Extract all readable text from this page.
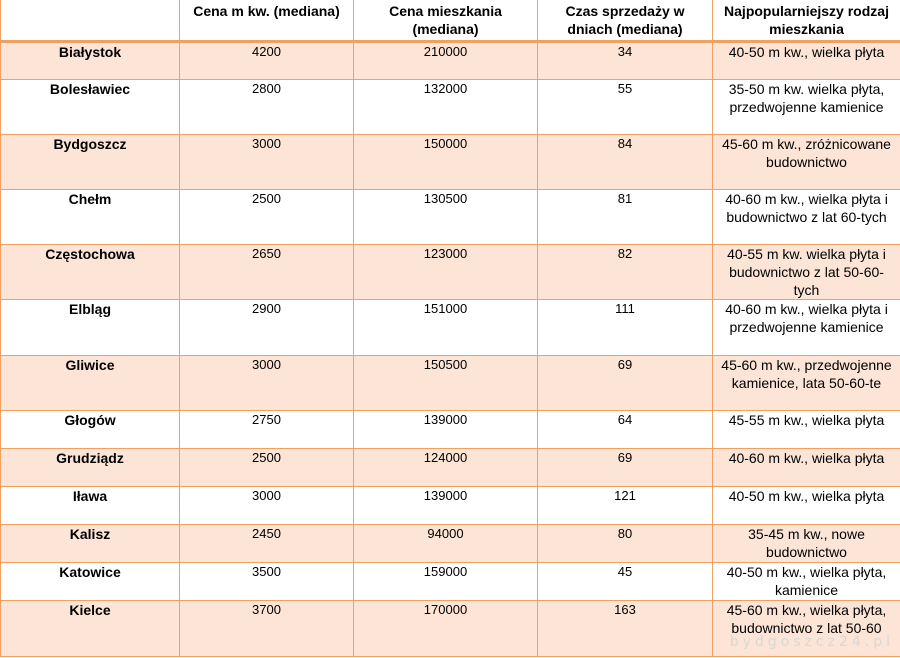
	Cena m kw. (mediana)	Cena mieszkania (mediana)	Czas sprzedaży w dniach (mediana)	Najpopularniejszy rodzaj mieszkania
Białystok	4200	210000	34	40-50 m kw., wielka płyta
Bolesławiec	2800	132000	55	35-50 m kw. wielka płyta, przedwojenne kamienice
Bydgoszcz	3000	150000	84	45-60 m kw., zróżnicowane budownictwo
Chełm	2500	130500	81	40-60 m kw., wielka płyta i budownictwo z lat 60-tych
Częstochowa	2650	123000	82	40-55 m kw. wielka płyta i budownictwo z lat 50-60-tych
Elbląg	2900	151000	111	40-60 m kw., wielka płyta i przedwojenne kamienice
Gliwice	3000	150500	69	45-60 m kw., przedwojenne kamienice, lata 50-60-te
Głogów	2750	139000	64	45-55 m kw., wielka płyta
Grudziądz	2500	124000	69	40-60 m kw., wielka płyta
Iława	3000	139000	121	40-50 m kw., wielka płyta
Kalisz	2450	94000	80	35-45 m kw., nowe budownictwo
Katowice	3500	159000	45	40-50 m kw., wielka płyta, kamienice
Kielce	3700	170000	163	45-60 m kw., wielka płyta, budownictwo z lat 50-60
bydgoszcz24.pl
